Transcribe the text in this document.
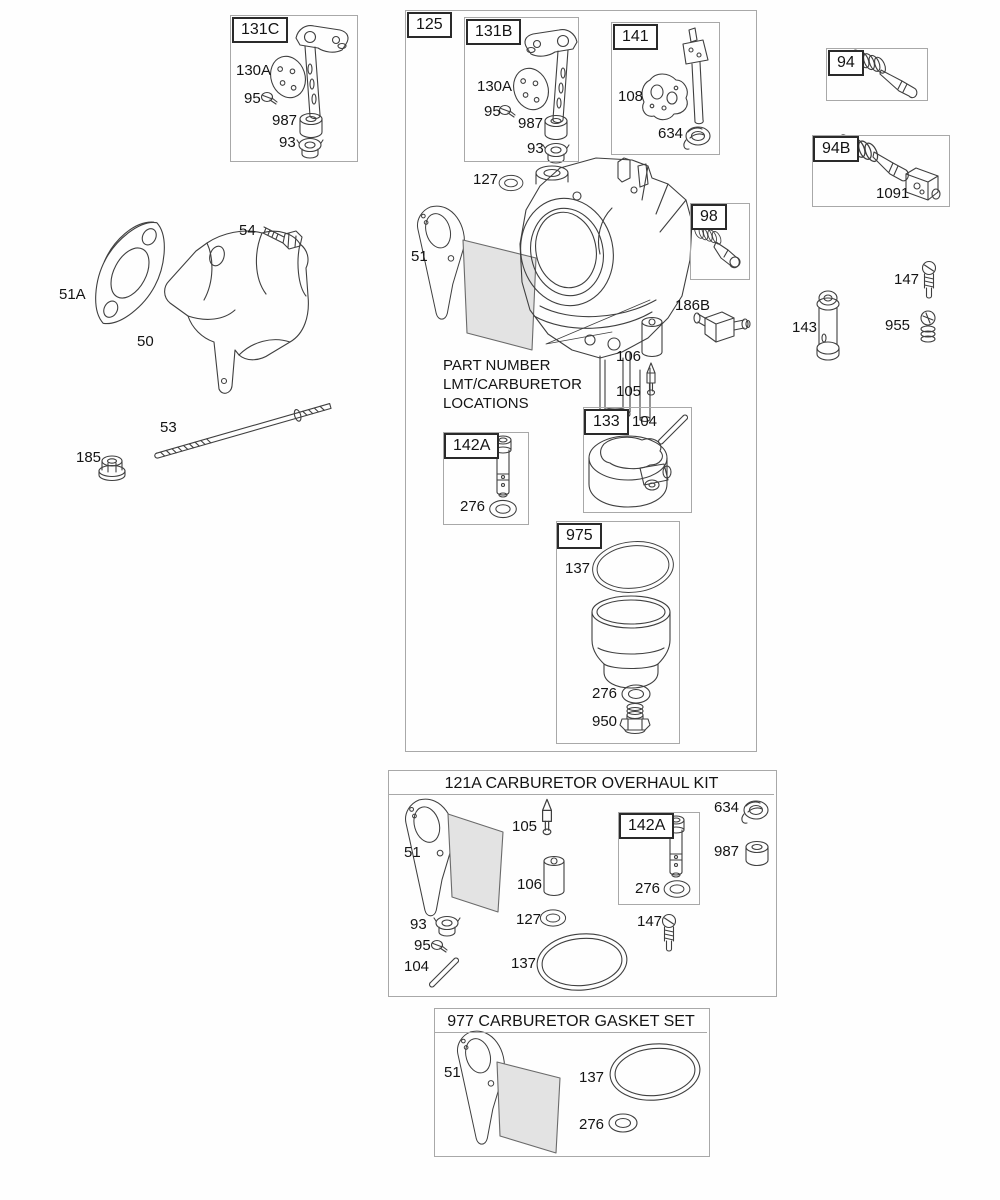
121A CARBURETOR OVERHAUL KIT
977 CARBURETOR GASKET SET
131C	125	131B	141
98
133
142A
975
94
94B
142A
130A
95
987
93
130A
95
987
93
108
634
127
51
186B
106
105
PART NUMBER
LMT/CARBURETOR
LOCATIONS
104
276
137
276
950
1091
147
955
143
51A
50
54
53
185
51
105
106
93
95
104
127
137
276
147
634
987
51	137
276
